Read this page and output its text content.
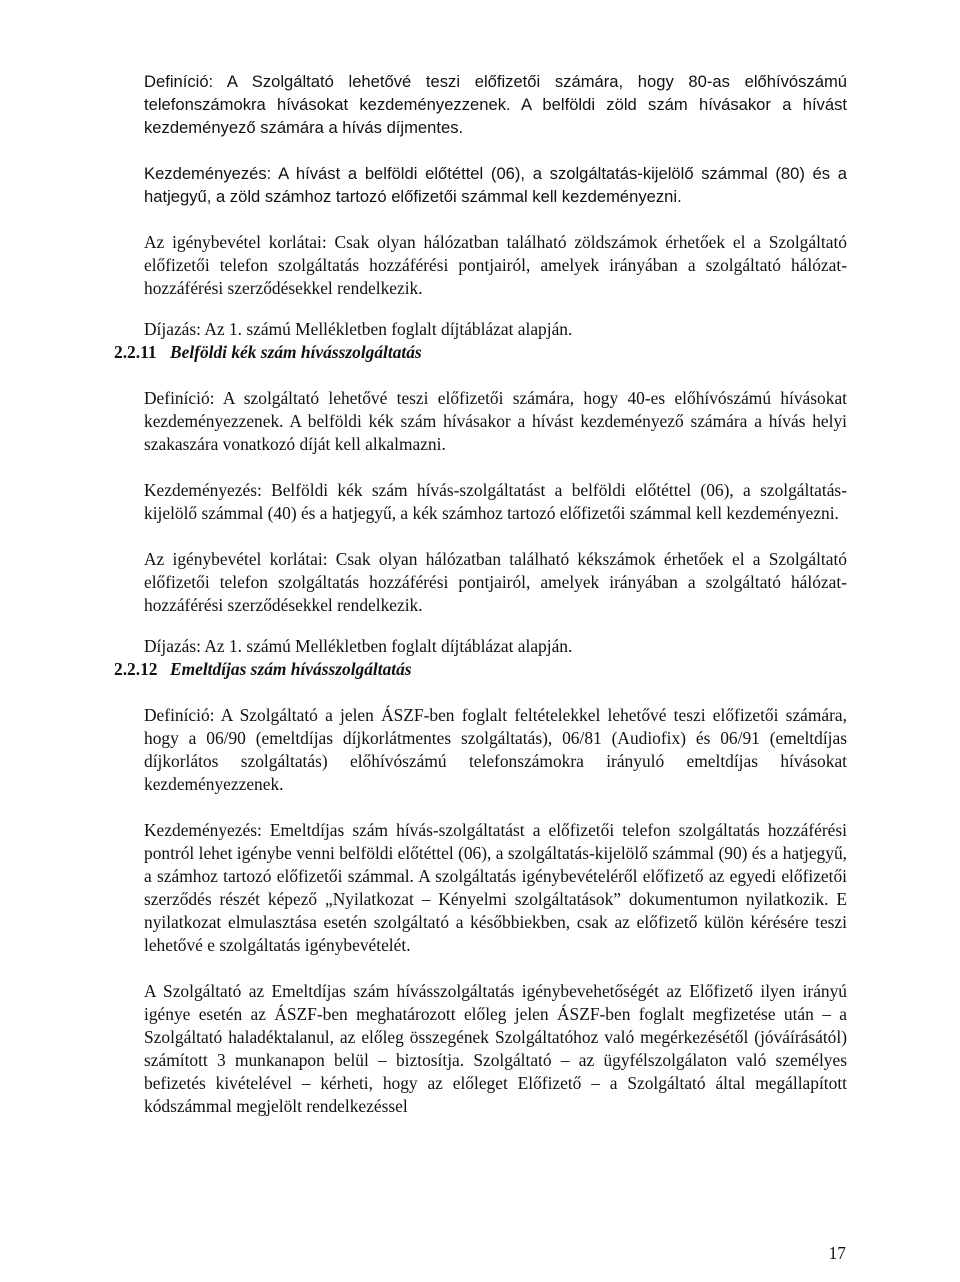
Definíció: A Szolgáltató lehetővé teszi előfizetői számára, hogy 80-as előhívószámú telefonszámokra hívásokat kezdeményezzenek. A belföldi zöld szám hívásakor a hívást kezdeményező számára a hívás díjmentes.

Kezdeményezés: A hívást a belföldi előtéttel (06), a szolgáltatás-kijelölő számmal (80) és a hatjegyű, a zöld számhoz tartozó előfizetői számmal kell kezdeményezni.

Az igénybevétel korlátai: Csak olyan hálózatban található zöldszámok érhetőek el a Szolgáltató előfizetői telefon szolgáltatás hozzáférési pontjairól, amelyek irányában a szolgáltató hálózat-hozzáférési szerződésekkel rendelkezik.

Díjazás: Az 1. számú Mellékletben foglalt díjtáblázat alapján.

2.2.11 Belföldi kék szám hívásszolgáltatás

Definíció: A szolgáltató lehetővé teszi előfizetői számára, hogy 40-es előhívószámú hívásokat kezdeményezzenek. A belföldi kék szám hívásakor a hívást kezdeményező számára a hívás helyi szakaszára vonatkozó díját kell alkalmazni.

Kezdeményezés: Belföldi kék szám hívás-szolgáltatást a belföldi előtéttel (06), a szolgáltatás-kijelölő számmal (40) és a hatjegyű, a kék számhoz tartozó előfizetői számmal kell kezdeményezni.

Az igénybevétel korlátai: Csak olyan hálózatban található kékszámok érhetőek el a Szolgáltató előfizetői telefon szolgáltatás hozzáférési pontjairól, amelyek irányában a szolgáltató hálózat-hozzáférési szerződésekkel rendelkezik.

Díjazás: Az 1. számú Mellékletben foglalt díjtáblázat alapján.

2.2.12 Emeltdíjas szám hívásszolgáltatás

Definíció: A Szolgáltató a jelen ÁSZF-ben foglalt feltételekkel lehetővé teszi előfizetői számára, hogy a 06/90 (emeltdíjas díjkorlátmentes szolgáltatás), 06/81 (Audiofix) és 06/91 (emeltdíjas díjkorlátos szolgáltatás) előhívószámú telefonszámokra irányuló emeltdíjas hívásokat kezdeményezzenek.

Kezdeményezés: Emeltdíjas szám hívás-szolgáltatást a előfizetői telefon szolgáltatás hozzáférési pontról lehet igénybe venni belföldi előtéttel (06), a szolgáltatás-kijelölő számmal (90) és a hatjegyű, a számhoz tartozó előfizetői számmal. A szolgáltatás igénybevételéről előfizető az egyedi előfizetői szerződés részét képező „Nyilatkozat – Kényelmi szolgáltatások” dokumentumon nyilatkozik. E nyilatkozat elmulasztása esetén szolgáltató a későbbiekben, csak az előfizető külön kérésére teszi lehetővé e szolgáltatás igénybevételét.

A Szolgáltató az Emeltdíjas szám hívásszolgáltatás igénybevehetőségét az Előfizető ilyen irányú igénye esetén az ÁSZF-ben meghatározott előleg jelen ÁSZF-ben foglalt megfizetése után – a Szolgáltató haladéktalanul, az előleg összegének Szolgáltatóhoz való megérkezésétől (jóváírásától) számított 3 munkanapon belül – biztosítja. Szolgáltató – az ügyfélszolgálaton való személyes befizetés kivételével – kérheti, hogy az előleget Előfizető – a Szolgáltató által megállapított kódszámmal megjelölt rendelkezéssel

17
